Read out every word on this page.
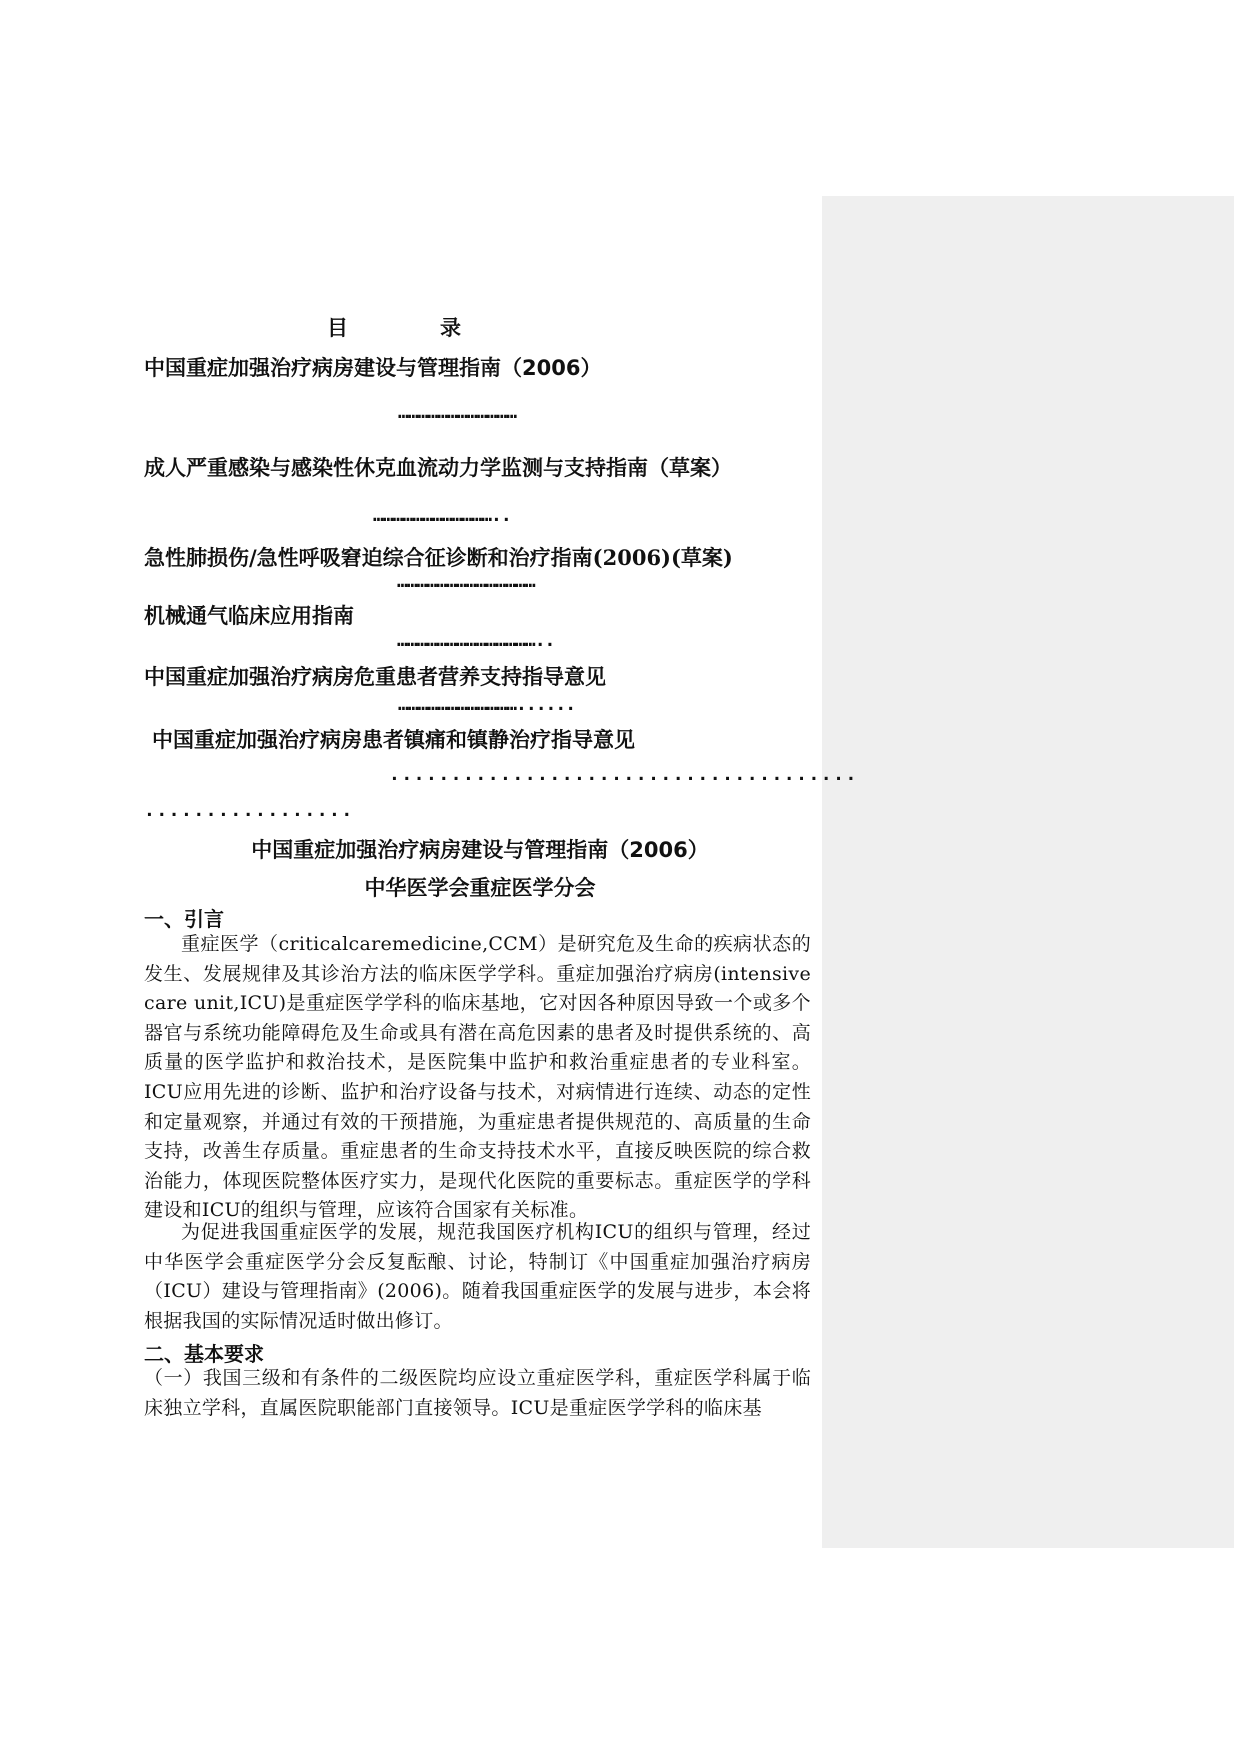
目	录
中国重症加强治疗病房建设与管理指南（2006）
………………………………
成人严重感染与感染性休克血流动力学监测与支持指南（草案）
………………………………..
急性肺损伤/急性呼吸窘迫综合征诊断和治疗指南(2006)(草案)
……………………………………
机械通气临床应用指南
……………………………………..
中国重症加强治疗病房危重患者营养支持指导意见
………………………………......
中国重症加强治疗病房患者镇痛和镇静治疗指导意见
......................................
.................
中国重症加强治疗病房建设与管理指南（2006）
中华医学会重症医学分会
一、引言
重症医学（criticalcaremedicine,CCM）是研究危及生命的疾病状态的发生、发展规律及其诊治方法的临床医学学科。重症加强治疗病房(intensive care unit,ICU)是重症医学学科的临床基地，它对因各种原因导致一个或多个器官与系统功能障碍危及生命或具有潜在高危因素的患者及时提供系统的、高质量的医学监护和救治技术，是医院集中监护和救治重症患者的专业科室。ICU应用先进的诊断、监护和治疗设备与技术，对病情进行连续、动态的定性和定量观察，并通过有效的干预措施，为重症患者提供规范的、高质量的生命支持，改善生存质量。重症患者的生命支持技术水平，直接反映医院的综合救治能力，体现医院整体医疗实力，是现代化医院的重要标志。重症医学的学科建设和ICU的组织与管理，应该符合国家有关标准。
为促进我国重症医学的发展，规范我国医疗机构ICU的组织与管理，经过中华医学会重症医学分会反复酝酿、讨论，特制订《中国重症加强治疗病房（ICU）建设与管理指南》(2006)。随着我国重症医学的发展与进步，本会将根据我国的实际情况适时做出修订。
二、基本要求
（一）我国三级和有条件的二级医院均应设立重症医学科，重症医学科属于临床独立学科，直属医院职能部门直接领导。ICU是重症医学学科的临床基
